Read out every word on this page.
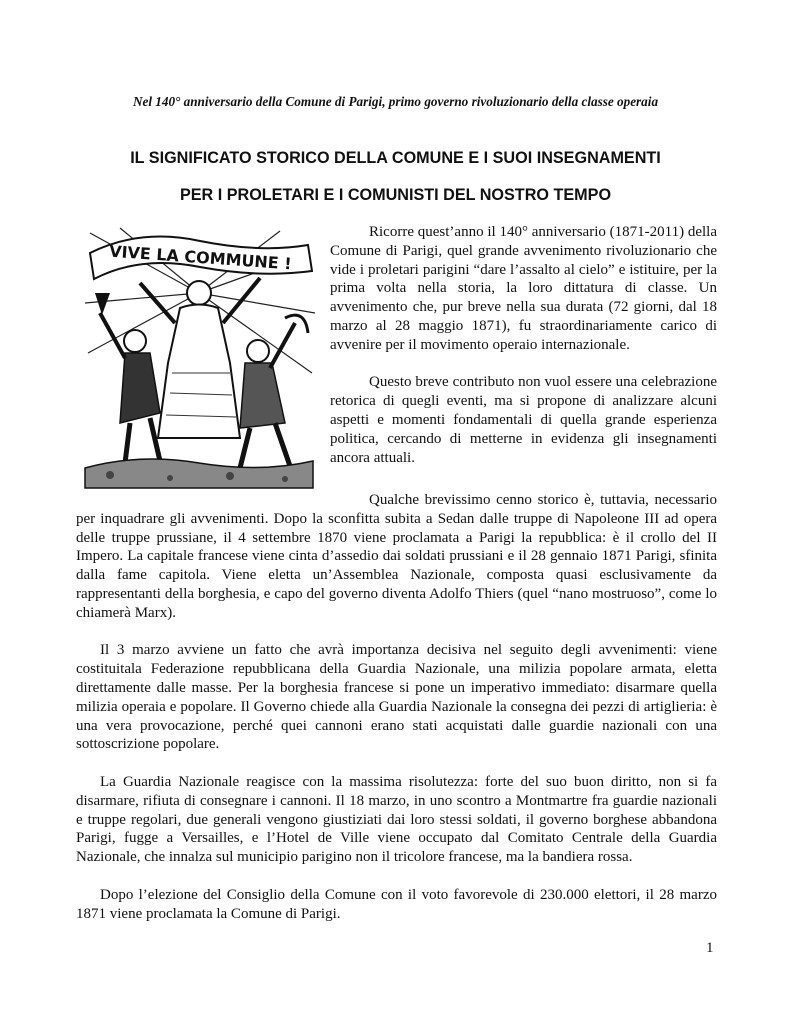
Nel 140° anniversario della Comune di Parigi, primo governo rivoluzionario della classe operaia
IL SIGNIFICATO STORICO DELLA COMUNE E I SUOI INSEGNAMENTI
PER I PROLETARI E I COMUNISTI DEL NOSTRO TEMPO
VIVE LA COMMUNE !

Ricorre quest’anno il 140° anniversario (1871-2011) della Comune di Parigi, quel grande avvenimento rivoluzionario che vide i proletari parigini “dare l’assalto al cielo” e istituire, per la prima volta nella storia, la loro dittatura di classe. Un avvenimento che, pur breve nella sua durata (72 giorni, dal 18 marzo al 28 maggio 1871), fu straordinariamente carico di avvenire per il movimento operaio internazionale.

Questo breve contributo non vuol essere una celebrazione retorica di quegli eventi, ma si propone di analizzare alcuni aspetti e momenti fondamentali di quella grande esperienza politica, cercando di metterne in evidenza gli insegnamenti ancora attuali.

Qualche brevissimo cenno storico è, tuttavia, necessario per inquadrare gli avvenimenti. Dopo la sconfitta subita a Sedan dalle truppe di Napoleone III ad opera delle truppe prussiane, il 4 settembre 1870 viene proclamata a Parigi la repubblica: è il crollo del II Impero. La capitale francese viene cinta d’assedio dai soldati prussiani e il 28 gennaio 1871 Parigi, sfinita dalla fame capitola. Viene eletta un’Assemblea Nazionale, composta quasi esclusivamente da rappresentanti della borghesia, e capo del governo diventa Adolfo Thiers (quel “nano mostruoso”, come lo chiamerà Marx).

Il 3 marzo avviene un fatto che avrà importanza decisiva nel seguito degli avvenimenti: viene costituitala Federazione repubblicana della Guardia Nazionale, una milizia popolare armata, eletta direttamente dalle masse. Per la borghesia francese si pone un imperativo immediato: disarmare quella milizia operaia e popolare. Il Governo chiede alla Guardia Nazionale la consegna dei pezzi di artiglieria: è una vera provocazione, perché quei cannoni erano stati acquistati dalle guardie nazionali con una sottoscrizione popolare.

La Guardia Nazionale reagisce con la massima risolutezza: forte del suo buon diritto, non si fa disarmare, rifiuta di consegnare i cannoni. Il 18 marzo, in uno scontro a Montmartre fra guardie nazionali e truppe regolari, due generali vengono giustiziati dai loro stessi soldati, il governo borghese abbandona Parigi, fugge a Versailles, e l’Hotel de Ville viene occupato dal Comitato Centrale della Guardia Nazionale, che innalza sul municipio parigino non il tricolore francese, ma la bandiera rossa.

Dopo l’elezione del Consiglio della Comune con il voto favorevole di 230.000 elettori, il 28 marzo 1871 viene proclamata la Comune di Parigi.

1
